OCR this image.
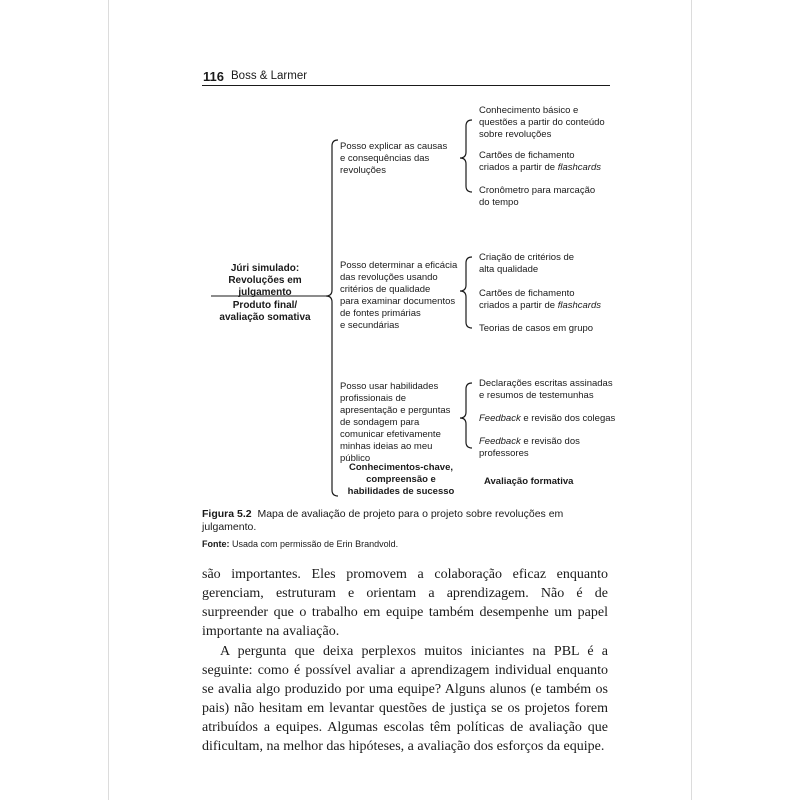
116 Boss & Larmer
Júri simulado:
Revoluções em julgamento
Produto final/
avaliação somativa
Posso explicar as causas
e consequências das
revoluções
Conhecimento básico e
questões a partir do conteúdo
sobre revoluções
Cartões de fichamento
criados a partir de flashcards
Cronômetro para marcação
do tempo
Posso determinar a eficácia
das revoluções usando
critérios de qualidade
para examinar documentos
de fontes primárias
e secundárias
Criação de critérios de
alta qualidade
Cartões de fichamento
criados a partir de flashcards
Teorias de casos em grupo
Posso usar habilidades
profissionais de
apresentação e perguntas
de sondagem para
comunicar efetivamente
minhas ideias ao meu público
Declarações escritas assinadas
e resumos de testemunhas
Feedback e revisão dos colegas
Feedback e revisão dos
professores
Conhecimentos-chave,
compreensão e
habilidades de sucesso
Avaliação formativa
Figura 5.2 Mapa de avaliação de projeto para o projeto sobre revoluções em
julgamento.
Fonte: Usada com permissão de Erin Brandvold.

são importantes. Eles promovem a colaboração eficaz enquanto gerenciam, estruturam e orientam a aprendizagem. Não é de surpreender que o trabalho em equipe também desempenhe um papel importante na avaliação.

A pergunta que deixa perplexos muitos iniciantes na PBL é a seguinte: como é possível avaliar a aprendizagem individual enquanto se avalia algo produzido por uma equipe? Alguns alunos (e também os pais) não hesitam em levantar questões de justiça se os projetos forem atribuídos a equipes. Algumas escolas têm políticas de avaliação que dificultam, na melhor das hipóteses, a avaliação dos esforços da equipe.
